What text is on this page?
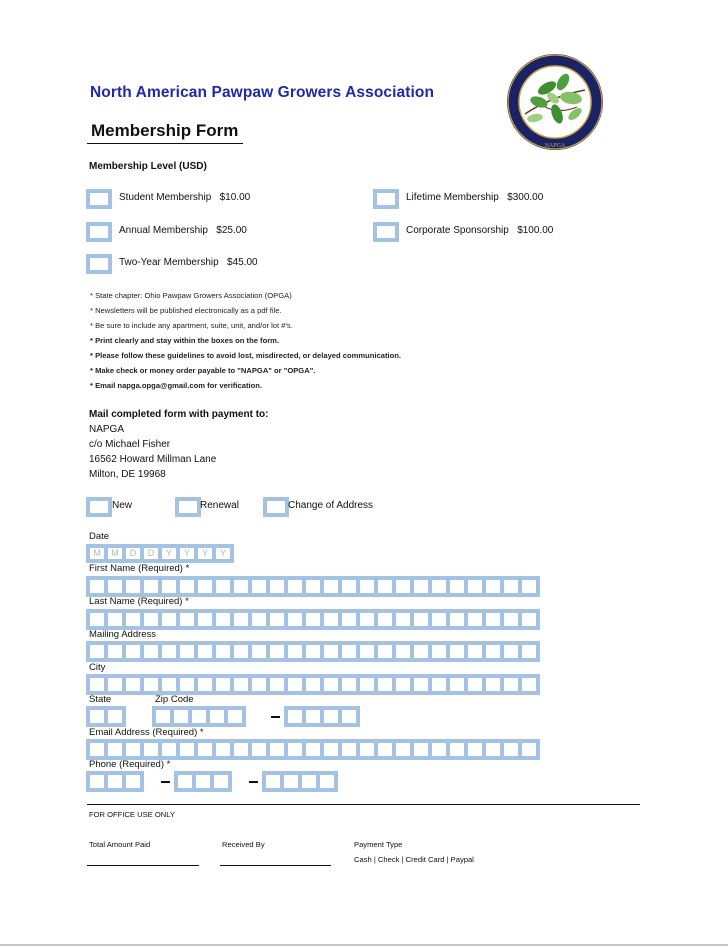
North American Pawpaw Growers Association
Membership Form
NAPGA
Membership Level (USD)
Student Membership $10.00
Annual Membership $25.00
Two-Year Membership $45.00
Lifetime Membership $300.00
Corporate Sponsorship $100.00
* State chapter: Ohio Pawpaw Growers Association (OPGA)
* Newsletters will be published electronically as a pdf file.
* Be sure to include any apartment, suite, unit, and/or lot #'s.
* Print clearly and stay within the boxes on the form.
* Please follow these guidelines to avoid lost, misdirected, or delayed communication.
* Make check or money order payable to "NAPGA" or "OPGA".
* Email napga.opga@gmail.com for verification.
Mail completed form with payment to:
NAPGA
c/o Michael Fisher
16562 Howard Millman Lane
Milton, DE 19968
New	Renewal	Change of Address
Date
M	M	D	D	Y	Y	Y	Y
First Name (Required) *
Last Name (Required) *
Mailing Address
City
State	Zip Code
Email Address (Required) *
Phone (Required) *
FOR OFFICE USE ONLY
Total Amount Paid	Received By	Payment Type
Cash | Check | Credit Card | Paypal
